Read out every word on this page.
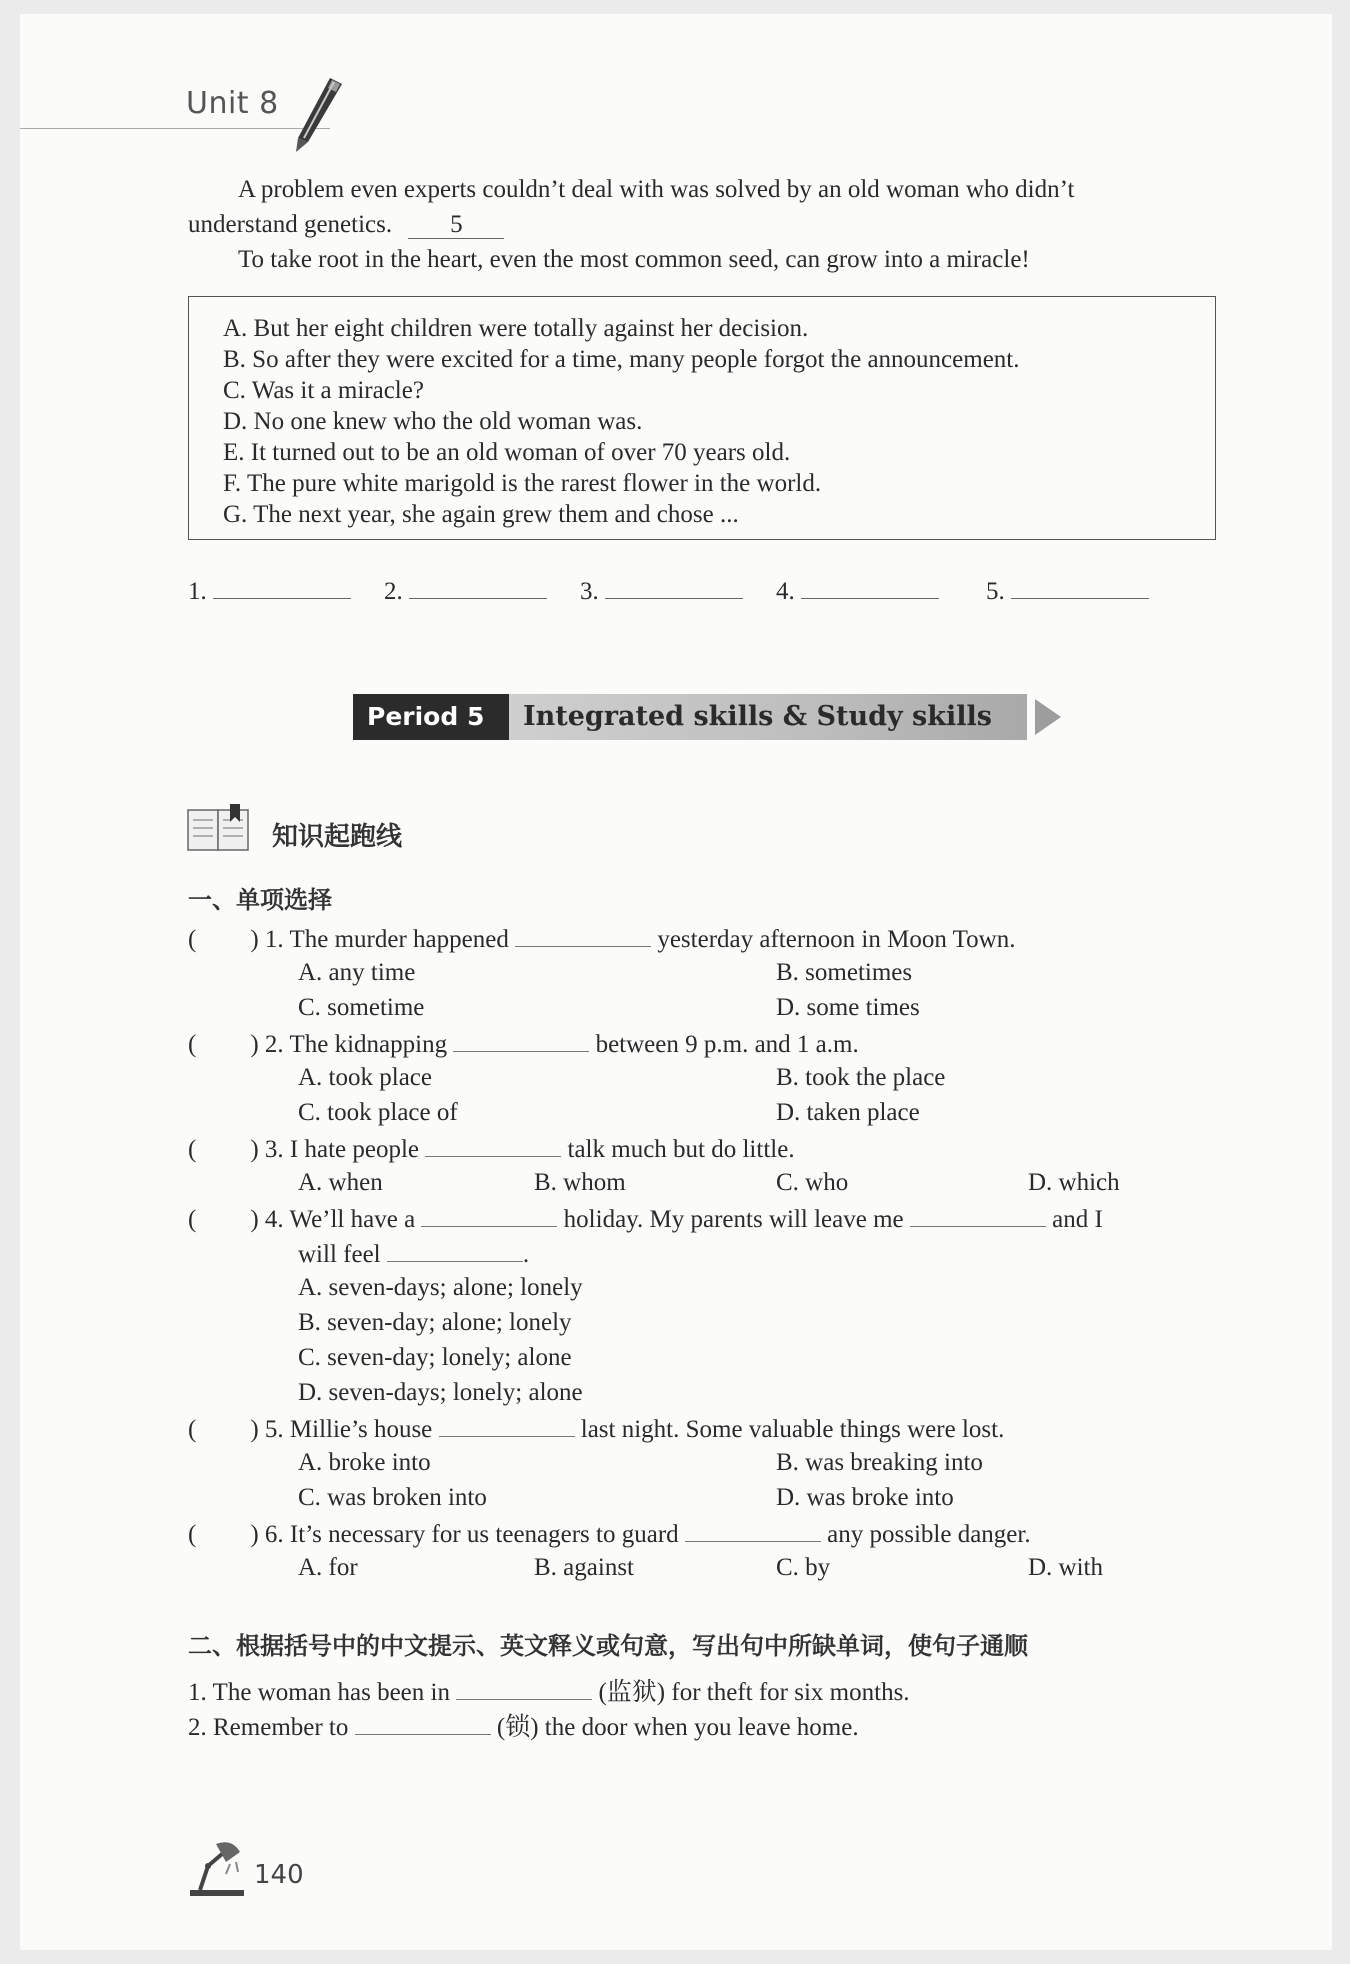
Unit 8
A problem even experts couldn’t deal with was solved by an old woman who didn’t
understand genetics. 5
To take root in the heart, even the most common seed, can grow into a miracle!
A. But her eight children were totally against her decision.
B. So after they were excited for a time, many people forgot the announcement.
C. Was it a miracle?
D. No one knew who the old woman was.
E. It turned out to be an old woman of over 70 years old.
F. The pure white marigold is the rarest flower in the world.
G. The next year, she again grew them and chose ...
1.	2.	3.	4.	5.
Period 5	Integrated skills & Study skills
知识起跑线
一、单项选择
( ) 1. The murder happened	yesterday afternoon in Moon Town.
A. any time	B. sometimes
C. sometime	D. some times
( ) 2. The kidnapping	between 9 p.m. and 1 a.m.
A. took place	B. took the place
C. took place of	D. taken place
( ) 3. I hate people	talk much but do little.
A. when	B. whom	C. who	D. which
( ) 4. We’ll have a	holiday. My parents will leave me	and I
will feel	.
A. seven-days; alone; lonely
B. seven-day; alone; lonely
C. seven-day; lonely; alone
D. seven-days; lonely; alone
( ) 5. Millie’s house	last night. Some valuable things were lost.
A. broke into	B. was breaking into
C. was broken into	D. was broke into
( ) 6. It’s necessary for us teenagers to guard	any possible danger.
A. for	B. against	C. by	D. with
二、根据括号中的中文提示、英文释义或句意，写出句中所缺单词，使句子通顺
1. The woman has been in	(监狱) for theft for six months.
2. Remember to	(锁) the door when you leave home.
140
